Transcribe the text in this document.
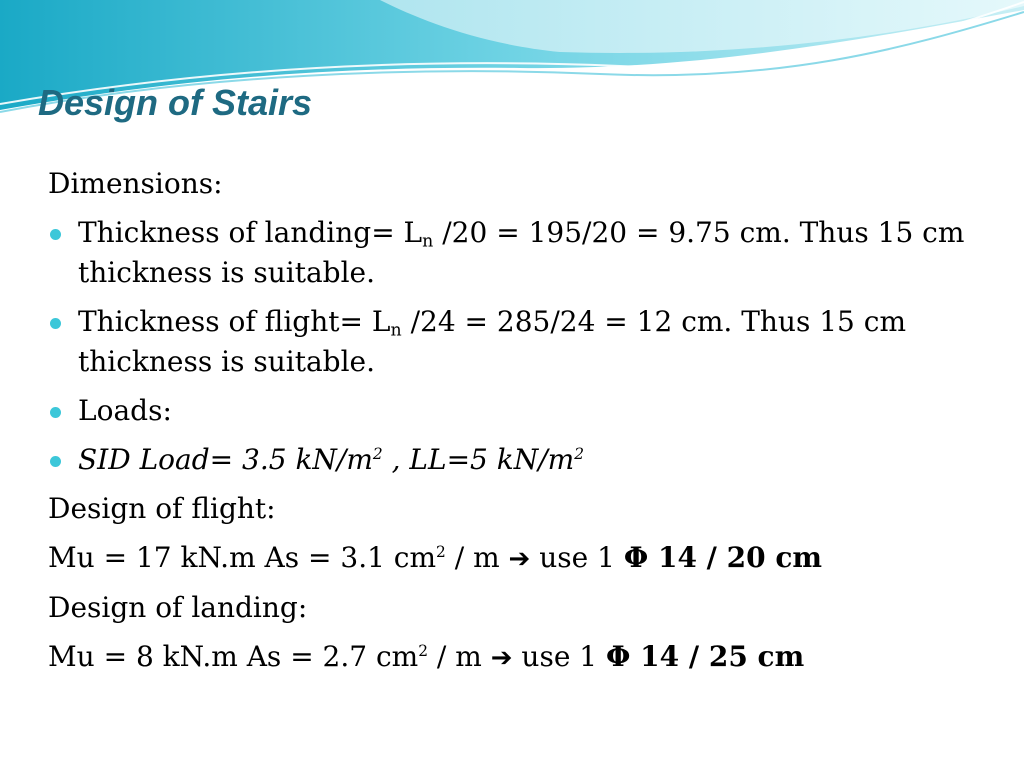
Design of Stairs

Dimensions:

Thickness of landing= $L_n$ /20 = 195/20 = 9.75 cm. Thus 15 cm thickness is suitable.

Thickness of flight= $L_n$ /24 = 285/24 = 12 cm. Thus 15 cm thickness is suitable.

Loads:

SID Load= 3.5 $kN/m^2$ , LL=5 $kN/m^2$

Design of flight:

Mu = 17 kN.m As = 3.1 $cm^2$ / m ➔ use 1 Φ 14 / 20 cm

Design of landing:

Mu = 8 kN.m As = 2.7 $cm^2$ / m ➔ use 1 Φ 14 / 25 cm
